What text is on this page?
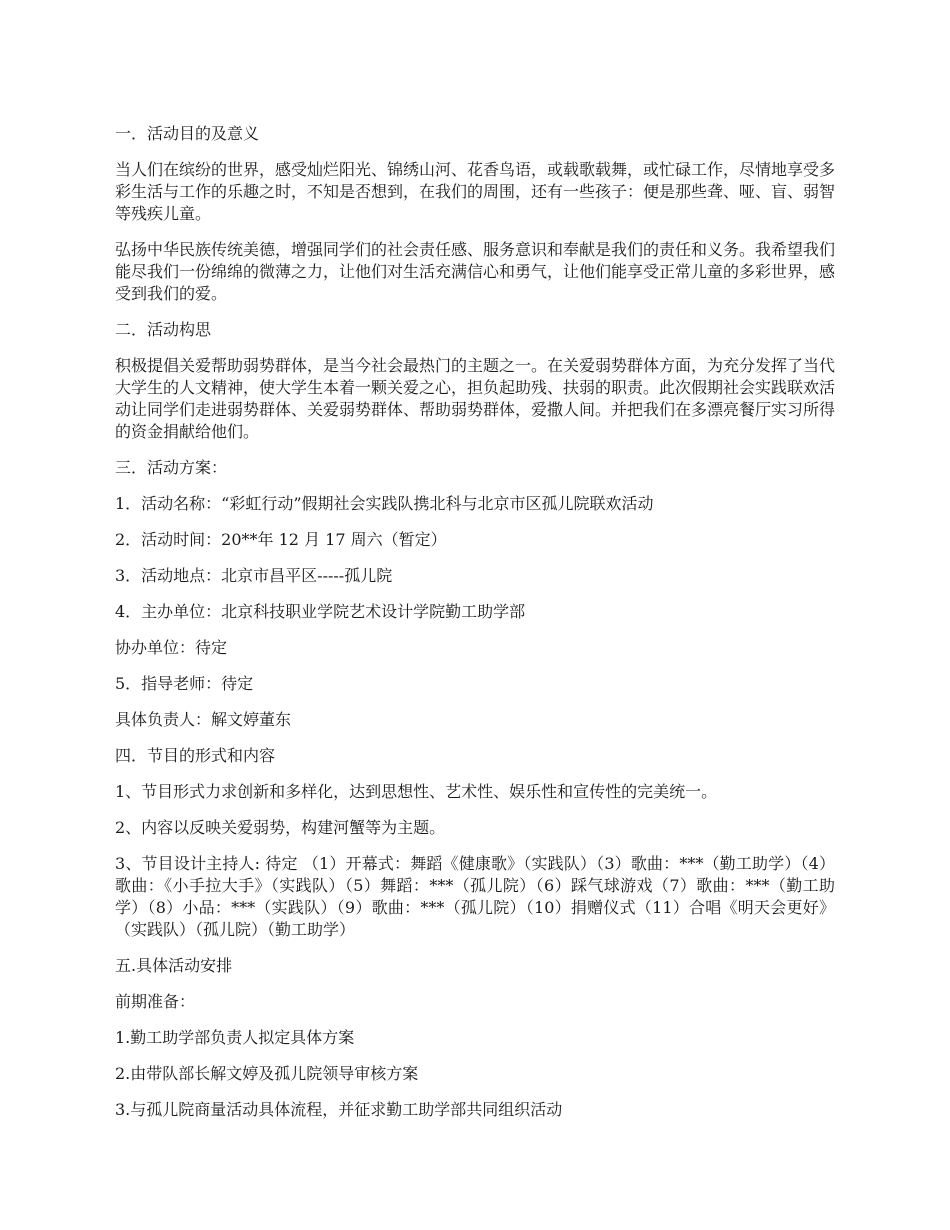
一．活动目的及意义

当人们在缤纷的世界，感受灿烂阳光、锦绣山河、花香鸟语，或载歌载舞，或忙碌工作，尽情地享受多彩生活与工作的乐趣之时，不知是否想到，在我们的周围，还有一些孩子：便是那些聋、哑、盲、弱智等残疾儿童。

弘扬中华民族传统美德，增强同学们的社会责任感、服务意识和奉献是我们的责任和义务。我希望我们能尽我们一份绵绵的微薄之力，让他们对生活充满信心和勇气，让他们能享受正常儿童的多彩世界，感受到我们的爱。

二．活动构思

积极提倡关爱帮助弱势群体，是当今社会最热门的主题之一。在关爱弱势群体方面，为充分发挥了当代大学生的人文精神，使大学生本着一颗关爱之心，担负起助残、扶弱的职责。此次假期社会实践联欢活动让同学们走进弱势群体、关爱弱势群体、帮助弱势群体，爱撒人间。并把我们在多漂亮餐厅实习所得的资金捐献给他们。

三．活动方案：

1．活动名称：“彩虹行动”假期社会实践队携北科与北京市区孤儿院联欢活动

2．活动时间：20**年 12 月 17 周六（暂定）

3．活动地点：北京市昌平区-----孤儿院

4．主办单位：北京科技职业学院艺术设计学院勤工助学部

协办单位：待定

5．指导老师：待定

具体负责人：解文婷董东

四．节目的形式和内容

1、节目形式力求创新和多样化，达到思想性、艺术性、娱乐性和宣传性的完美统一。

2、内容以反映关爱弱势，构建河蟹等为主题。

3、节目设计主持人: 待定 （1）开幕式：舞蹈《健康歌》（实践队）（3）歌曲：***（勤工助学）（4）歌曲：《小手拉大手》（实践队）（5）舞蹈：***（孤儿院）（6）踩气球游戏（7）歌曲：***（勤工助学）（8）小品：***（实践队）（9）歌曲：***（孤儿院）（10）捐赠仪式（11）合唱《明天会更好》（实践队）（孤儿院）（勤工助学）

五.具体活动安排

前期准备：

1.勤工助学部负责人拟定具体方案

2.由带队部长解文婷及孤儿院领导审核方案

3.与孤儿院商量活动具体流程，并征求勤工助学部共同组织活动
